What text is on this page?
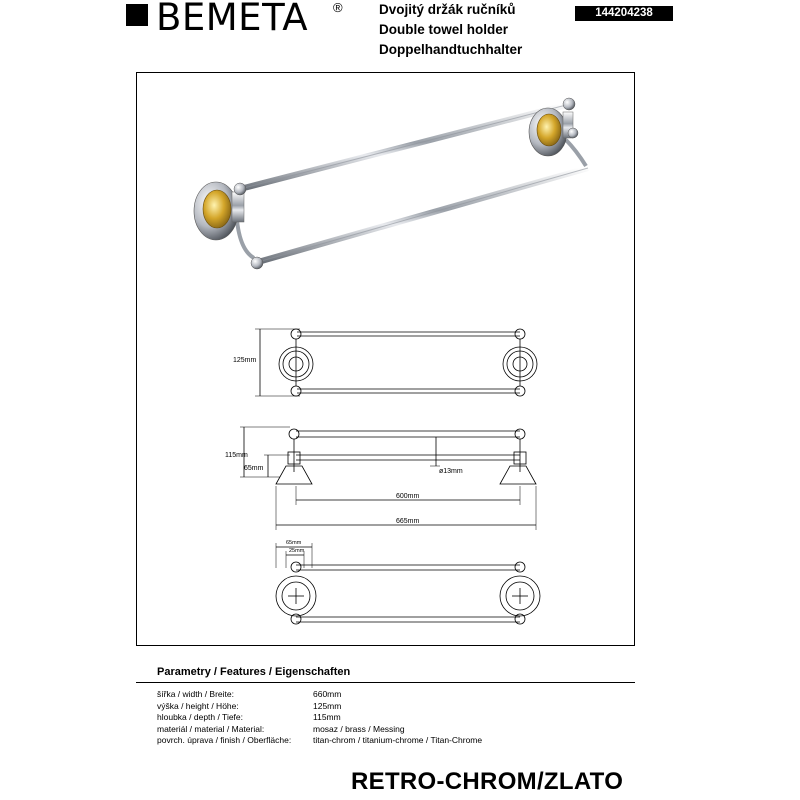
BEMETA ®	Dvojitý držák ručníků
Double towel holder
Doppelhandtuchhalter
144204238
125mm
115mm
65mm	ø13mm
600mm
665mm
65mm
25mm
Parametry / Features / Eigenschaften
šířka / width / Breite:	660mm
výška / height / Höhe:	125mm
hloubka / depth / Tiefe:	115mm
materiál / material / Material:	mosaz / brass / Messing
povrch. úprava / finish / Oberfläche:	titan-chrom / titanium-chrome / Titan-Chrome
RETRO-CHROM/ZLATO
